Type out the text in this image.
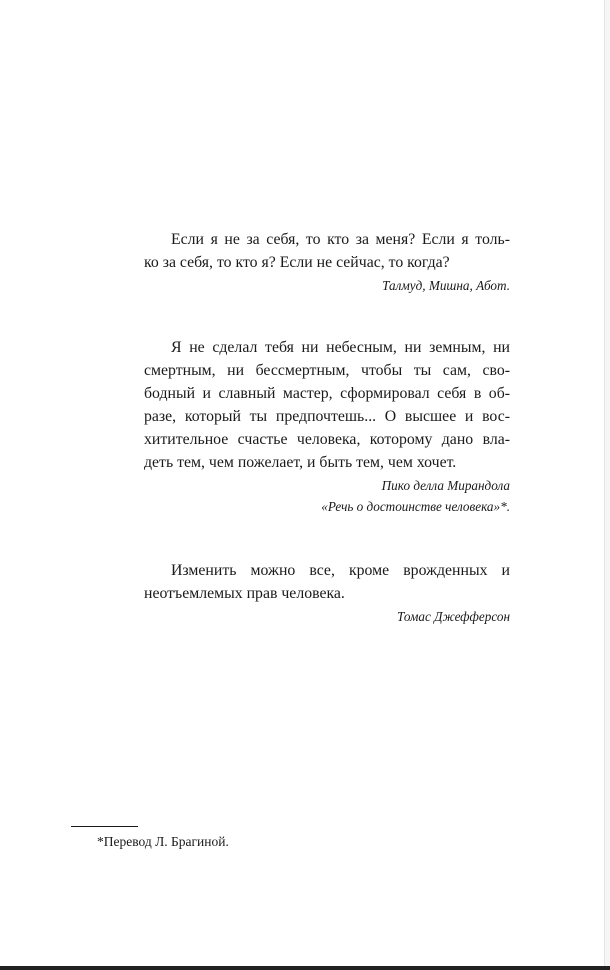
Если я не за себя, то кто за меня? Если я толь-
ко за себя, то кто я? Если не сейчас, то когда?
Талмуд, Мишна, Абот.
Я не сделал тебя ни небесным, ни земным, ни
смертным, ни бессмертным, чтобы ты сам, сво-
бодный и славный мастер, сформировал себя в об-
разе, который ты предпочтешь... О высшее и вос-
хитительное счастье человека, которому дано вла-
деть тем, чем пожелает, и быть тем, чем хочет.
Пико делла Мирандола
«Речь о достоинстве человека»*.
Изменить можно все, кроме врожденных и
неотъемлемых прав человека.
Томас Джефферсон
*Перевод Л. Брагиной.
